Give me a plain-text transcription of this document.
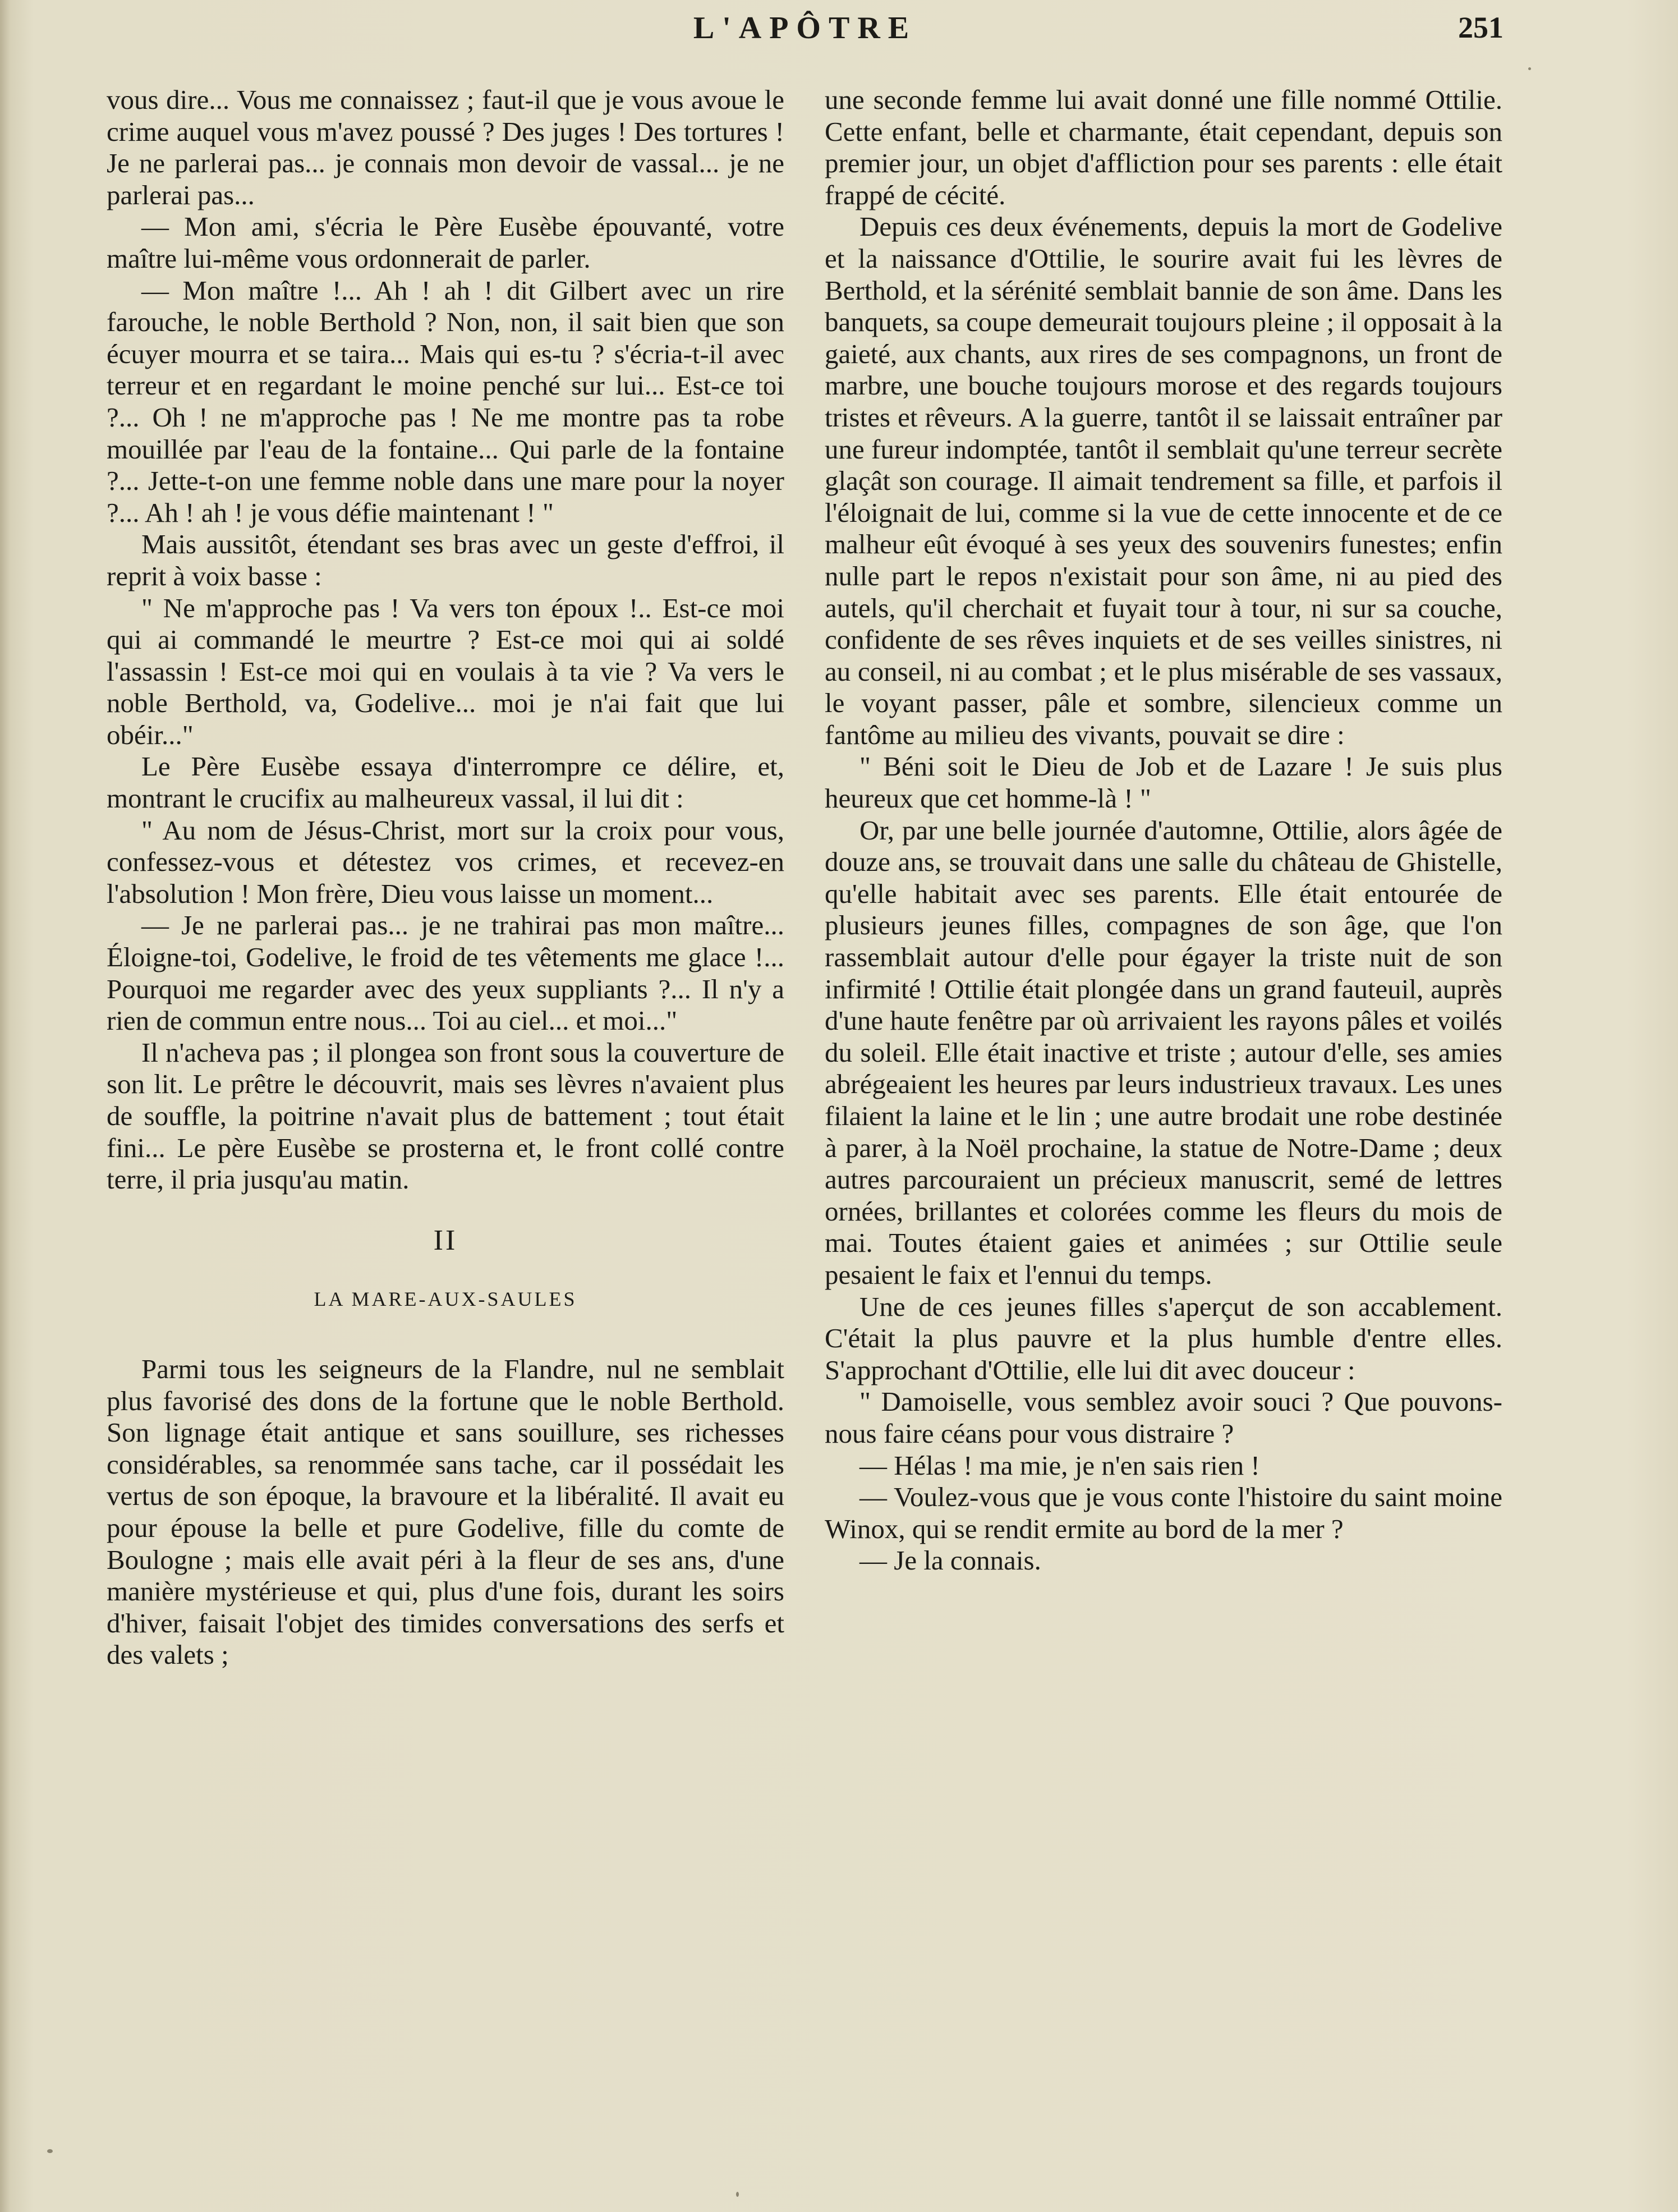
L'APÔTRE	251

vous dire... Vous me connaissez ; faut-il que je vous avoue le crime auquel vous m'avez poussé ? Des juges ! Des tortures ! Je ne parlerai pas... je connais mon devoir de vassal... je ne parlerai pas...

— Mon ami, s'écria le Père Eusèbe épouvanté, votre maître lui-même vous ordonnerait de parler.

— Mon maître !... Ah ! ah ! dit Gilbert avec un rire farouche, le noble Berthold ? Non, non, il sait bien que son écuyer mourra et se taira... Mais qui es-tu ? s'écria-t-il avec terreur et en regardant le moine penché sur lui... Est-ce toi ?... Oh ! ne m'approche pas ! Ne me montre pas ta robe mouillée par l'eau de la fontaine... Qui parle de la fontaine ?... Jette-t-on une femme noble dans une mare pour la noyer ?... Ah ! ah ! je vous défie maintenant ! "

Mais aussitôt, étendant ses bras avec un geste d'effroi, il reprit à voix basse :

" Ne m'approche pas ! Va vers ton époux !.. Est-ce moi qui ai commandé le meurtre ? Est-ce moi qui ai soldé l'assassin ! Est-ce moi qui en voulais à ta vie ? Va vers le noble Berthold, va, Godelive... moi je n'ai fait que lui obéir..."

Le Père Eusèbe essaya d'interrompre ce délire, et, montrant le crucifix au malheureux vassal, il lui dit :

" Au nom de Jésus-Christ, mort sur la croix pour vous, confessez-vous et détestez vos crimes, et recevez-en l'absolution ! Mon frère, Dieu vous laisse un moment...

— Je ne parlerai pas... je ne trahirai pas mon maître... Éloigne-toi, Godelive, le froid de tes vêtements me glace !... Pourquoi me regarder avec des yeux suppliants ?... Il n'y a rien de commun entre nous... Toi au ciel... et moi..."

Il n'acheva pas ; il plongea son front sous la couverture de son lit. Le prêtre le découvrit, mais ses lèvres n'avaient plus de souffle, la poitrine n'avait plus de battement ; tout était fini... Le père Eusèbe se prosterna et, le front collé contre terre, il pria jusqu'au matin.

II

LA MARE-AUX-SAULES

Parmi tous les seigneurs de la Flandre, nul ne semblait plus favorisé des dons de la fortune que le noble Berthold. Son lignage était antique et sans souillure, ses richesses considérables, sa renommée sans tache, car il possédait les vertus de son époque, la bravoure et la libéralité. Il avait eu pour épouse la belle et pure Godelive, fille du comte de Boulogne ; mais elle avait péri à la fleur de ses ans, d'une manière mystérieuse et qui, plus d'une fois, durant les soirs d'hiver, faisait l'objet des timides conversations des serfs et des valets ;

une seconde femme lui avait donné une fille nommé Ottilie. Cette enfant, belle et charmante, était cependant, depuis son premier jour, un objet d'affliction pour ses parents : elle était frappé de cécité.

Depuis ces deux événements, depuis la mort de Godelive et la naissance d'Ottilie, le sourire avait fui les lèvres de Berthold, et la sérénité semblait bannie de son âme. Dans les banquets, sa coupe demeurait toujours pleine ; il opposait à la gaieté, aux chants, aux rires de ses compagnons, un front de marbre, une bouche toujours morose et des regards toujours tristes et rêveurs. A la guerre, tantôt il se laissait entraîner par une fureur indomptée, tantôt il semblait qu'une terreur secrète glaçât son courage. Il aimait tendrement sa fille, et parfois il l'éloignait de lui, comme si la vue de cette innocente et de ce malheur eût évoqué à ses yeux des souvenirs funestes; enfin nulle part le repos n'existait pour son âme, ni au pied des autels, qu'il cherchait et fuyait tour à tour, ni sur sa couche, confidente de ses rêves inquiets et de ses veilles sinistres, ni au conseil, ni au combat ; et le plus misérable de ses vassaux, le voyant passer, pâle et sombre, silencieux comme un fantôme au milieu des vivants, pouvait se dire :

" Béni soit le Dieu de Job et de Lazare ! Je suis plus heureux que cet homme-là ! "

Or, par une belle journée d'automne, Ottilie, alors âgée de douze ans, se trouvait dans une salle du château de Ghistelle, qu'elle habitait avec ses parents. Elle était entourée de plusieurs jeunes filles, compagnes de son âge, que l'on rassemblait autour d'elle pour égayer la triste nuit de son infirmité ! Ottilie était plongée dans un grand fauteuil, auprès d'une haute fenêtre par où arrivaient les rayons pâles et voilés du soleil. Elle était inactive et triste ; autour d'elle, ses amies abrégeaient les heures par leurs industrieux travaux. Les unes filaient la laine et le lin ; une autre brodait une robe destinée à parer, à la Noël prochaine, la statue de Notre-Dame ; deux autres parcouraient un précieux manuscrit, semé de lettres ornées, brillantes et colorées comme les fleurs du mois de mai. Toutes étaient gaies et animées ; sur Ottilie seule pesaient le faix et l'ennui du temps.

Une de ces jeunes filles s'aperçut de son accablement. C'était la plus pauvre et la plus humble d'entre elles. S'approchant d'Ottilie, elle lui dit avec douceur :

" Damoiselle, vous semblez avoir souci ? Que pouvons-nous faire céans pour vous distraire ?

— Hélas ! ma mie, je n'en sais rien !

— Voulez-vous que je vous conte l'histoire du saint moine Winox, qui se rendit ermite au bord de la mer ?

— Je la connais.
